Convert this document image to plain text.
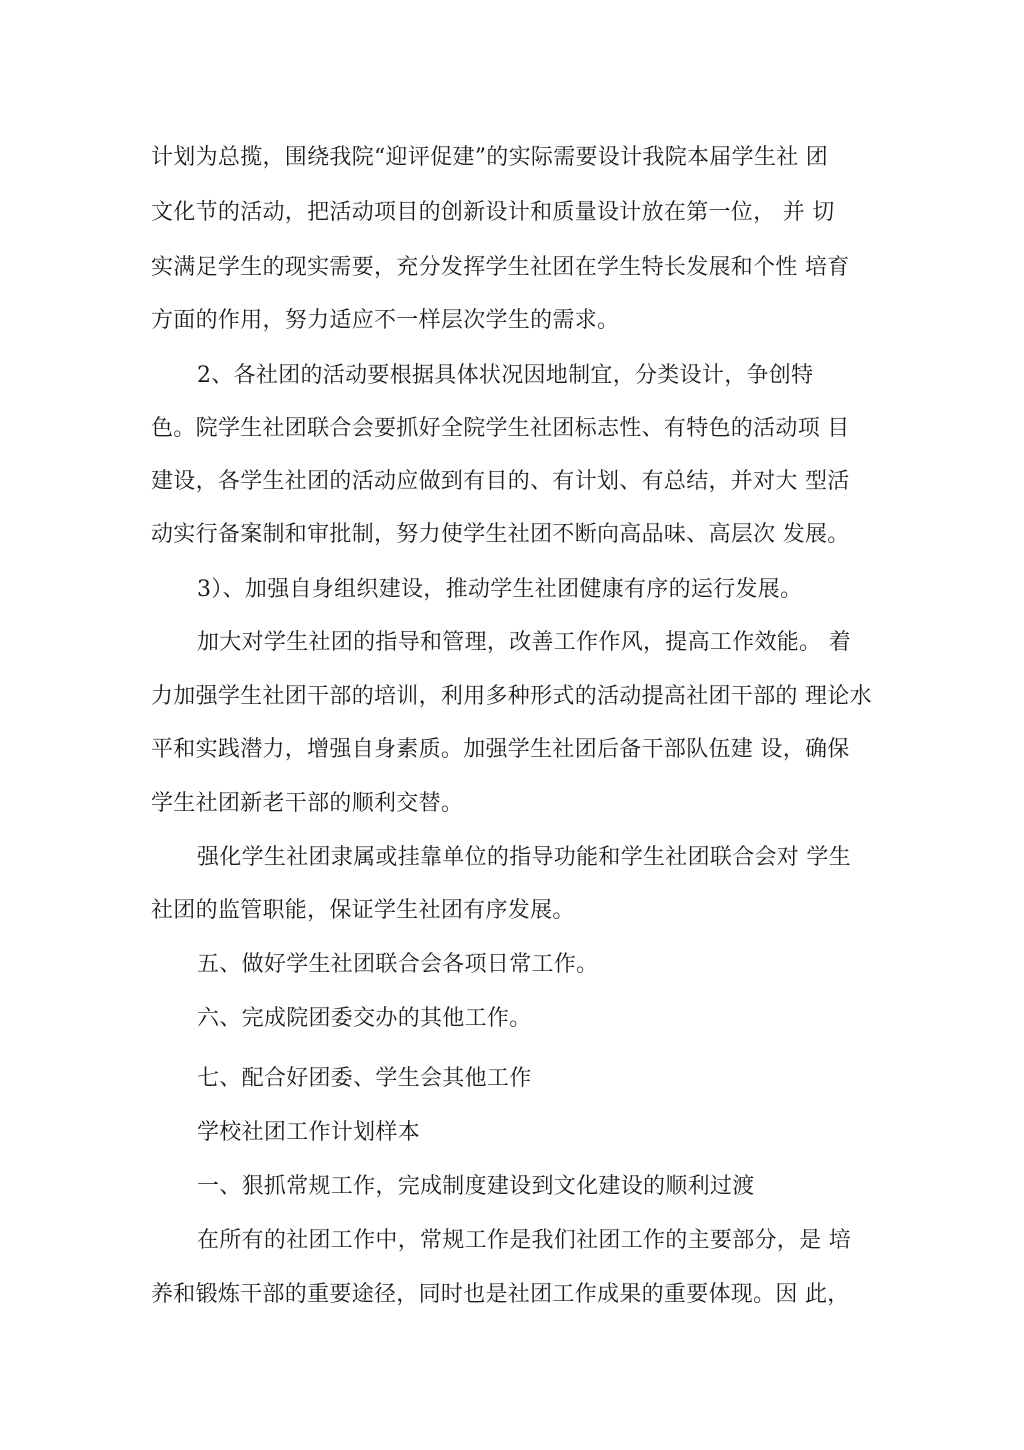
计划为总揽，围绕我院“迎评促建”的实际需要设计我院本届学生社 团
文化节的活动，把活动项目的创新设计和质量设计放在第一位， 并 切
实满足学生的现实需要，充分发挥学生社团在学生特长发展和个性 培育
方面的作用，努力适应不一样层次学生的需求。
2、各社团的活动要根据具体状况因地制宜，分类设计，争创特
色。院学生社团联合会要抓好全院学生社团标志性、有特色的活动项 目
建设，各学生社团的活动应做到有目的、有计划、有总结，并对大 型活
动实行备案制和审批制，努力使学生社团不断向高品味、高层次 发展。
3）、加强自身组织建设，推动学生社团健康有序的运行发展。
加大对学生社团的指导和管理，改善工作作风，提高工作效能。 着
力加强学生社团干部的培训，利用多种形式的活动提高社团干部的 理论水
平和实践潜力，增强自身素质。加强学生社团后备干部队伍建 设，确保
学生社团新老干部的顺利交替。
强化学生社团隶属或挂靠单位的指导功能和学生社团联合会对 学生
社团的监管职能，保证学生社团有序发展。
五、做好学生社团联合会各项日常工作。
六、完成院团委交办的其他工作。
七、配合好团委、学生会其他工作
学校社团工作计划样本
一、狠抓常规工作，完成制度建设到文化建设的顺利过渡
在所有的社团工作中，常规工作是我们社团工作的主要部分，是 培
养和锻炼干部的重要途径，同时也是社团工作成果的重要体现。因 此，
